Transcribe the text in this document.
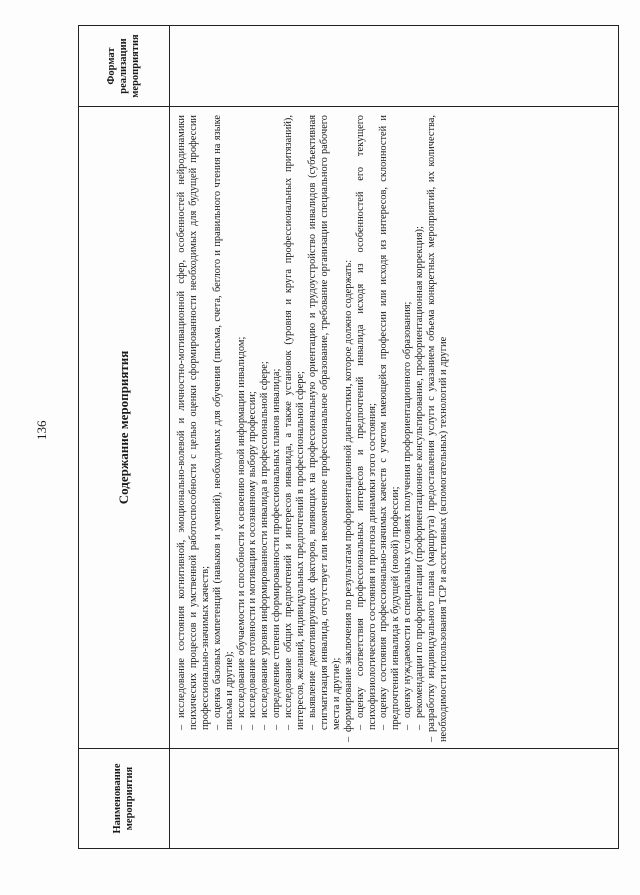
136
Наименование мероприятия
Содержание мероприятия
Формат реализации мероприятия

–исследование состояния когнитивной, эмоционально-волевой и личностно-мотивационной сфер, особенностей нейродинамики психических процессов и умственной работоспособности с целью оценки сформированности необходимых для будущей профессии профессионально-значимых качеств; –оценка базовых компетенций (навыков и умений), необходимых для обучения (письма, счета, беглого и правильного чтения на языке письма и другие); –исследование обучаемости и способности к освоению новой информации инвалидом;

–исследование готовности и мотивации к осознанному выбору профессии;

–исследование уровня информированности инвалида в профессиональной сфере;

–определение степени сформированности профессиональных планов инвалида;

–исследование общих предпочтений и интересов инвалида, а также установок (уровня и круга профессиональных притязаний), интересов, желаний, индивидуальных предпочтений в профессиональной сфере; –выявление демотивирующих факторов, влияющих на профессиональную ориентацию и трудоустройство инвалидов (субъективная стигматизация инвалида, отсутствует или неоконченное профессиональное образование, требование организации специального рабочего места и другие);

–формирование заключения по результатам профориентационной диагностики, которое должно содержать: –оценку соответствия профессиональных интересов и предпочтений инвалида исходя из особенностей его текущего психофизиологического состояния и прогноза динамики этого состояния; –оценку состояния профессионально-значимых качеств с учетом имеющейся профессии или исходя из интересов, склонностей и предпочтений инвалида к будущей (новой) профессии; –оценку нуждаемости в специальных условиях получения профориентационного образования;

–рекомендации по профориентации (профориентационное консультирование, профориентационная коррекция);

–разработку индивидуального плана (маршрута) предоставления услуги с указанием объема конкретных мероприятий, их количества, необходимости использования ТСР и ассистивных (вспомогательных) технологий и другие
